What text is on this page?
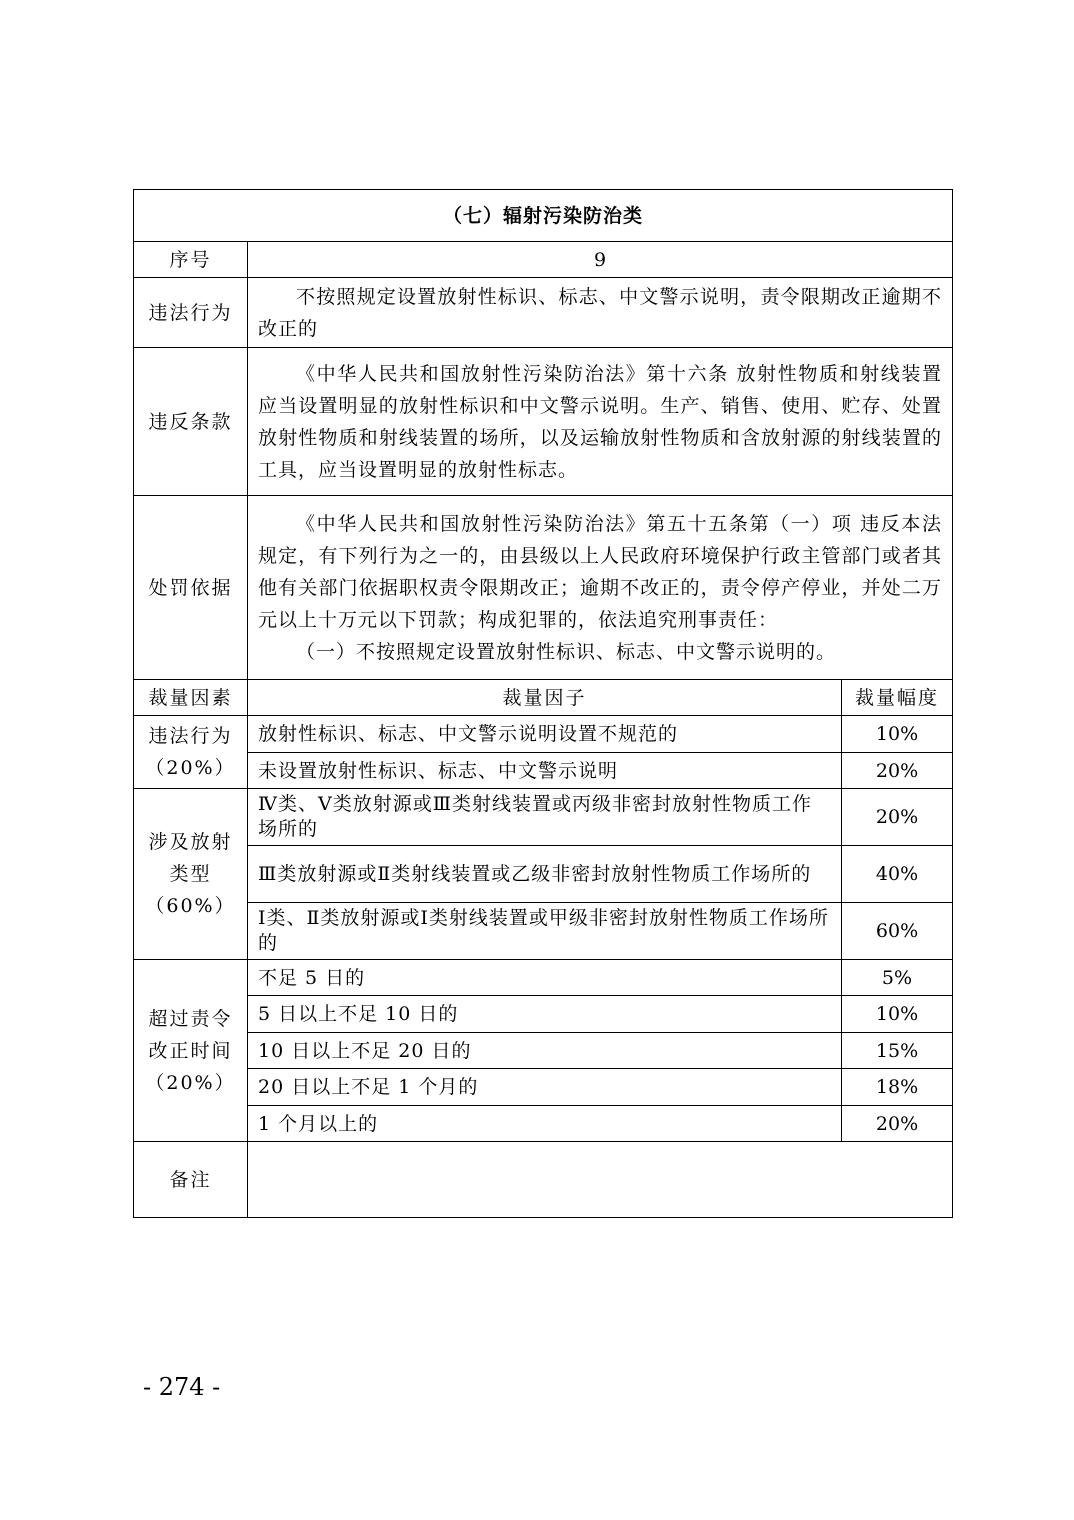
（七）辐射污染防治类		
序号	9	
违法行为	不按照规定设置放射性标识、标志、中文警示说明，责令限期改正逾期不改正的	

违反条款	《中华人民共和国放射性污染防治法》第十六条 放射性物质和射线装置应当设置明显的放射性标识和中文警示说明。生产、销售、使用、贮存、处置放射性物质和射线装置的场所，以及运输放射性物质和含放射源的射线装置的工具，应当设置明显的放射性标志。	

处罚依据	《中华人民共和国放射性污染防治法》第五十五条第（一）项 违反本法规定，有下列行为之一的，由县级以上人民政府环境保护行政主管部门或者其他有关部门依据职权责令限期改正；逾期不改正的，责令停产停业，并处二万元以上十万元以下罚款；构成犯罪的，依法追究刑事责任：

（一）不按照规定设置放射性标识、标志、中文警示说明的。	

裁量因素	裁量因子	裁量幅度

违法行为
（20%）	放射性标识、标志、中文警示说明设置不规范的	10%
	未设置放射性标识、标志、中文警示说明	20%

涉及放射
类型
（60%）	Ⅳ类、Ⅴ类放射源或Ⅲ类射线装置或丙级非密封放射性物质工作场所的	20%
	Ⅲ类放射源或Ⅱ类射线装置或乙级非密封放射性物质工作场所的	40%
	Ⅰ类、Ⅱ类放射源或Ⅰ类射线装置或甲级非密封放射性物质工作场所的	60%

超过责令
改正时间
（20%）	不足 5 日的	5%
	5 日以上不足 10 日的	10%
	10 日以上不足 20 日的	15%
	20 日以上不足 1 个月的	18%
	1 个月以上的	20%
备注		
- 274 -
